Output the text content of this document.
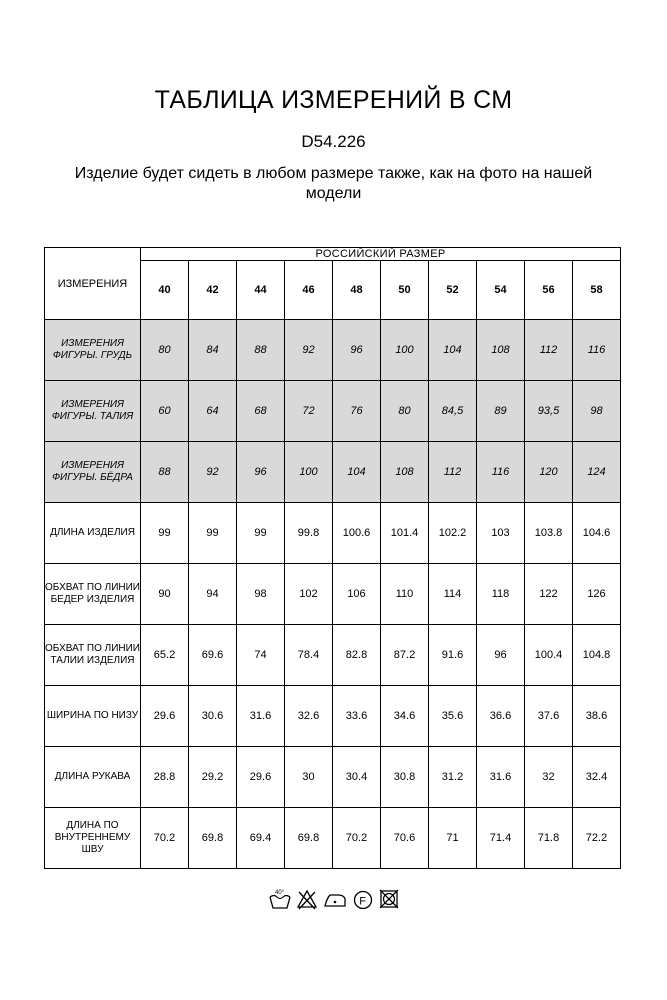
ТАБЛИЦА ИЗМЕРЕНИЙ В СМ
D54.226
Изделие будет сидеть в любом размере также, как на фото на нашей модели
ИЗМЕРЕНИЯ	РОССИЙСКИЙ РАЗМЕР									
	40	42	44	46	48	50	52	54	56	58
ИЗМЕРЕНИЯ ФИГУРЫ. ГРУДЬ	80	84	88	92	96	100	104	108	112	116
ИЗМЕРЕНИЯ ФИГУРЫ. ТАЛИЯ	60	64	68	72	76	80	84,5	89	93,5	98
ИЗМЕРЕНИЯ ФИГУРЫ. БЁДРА	88	92	96	100	104	108	112	116	120	124
ДЛИНА ИЗДЕЛИЯ	99	99	99	99.8	100.6	101.4	102.2	103	103.8	104.6
ОБХВАТ ПО ЛИНИИ БЕДЕР ИЗДЕЛИЯ	90	94	98	102	106	110	114	118	122	126
ОБХВАТ ПО ЛИНИИ ТАЛИИ ИЗДЕЛИЯ	65.2	69.6	74	78.4	82.8	87.2	91.6	96	100.4	104.8
ШИРИНА ПО НИЗУ	29.6	30.6	31.6	32.6	33.6	34.6	35.6	36.6	37.6	38.6
ДЛИНА РУКАВА	28.8	29.2	29.6	30	30.4	30.8	31.2	31.6	32	32.4
ДЛИНА ПО ВНУТРЕННЕМУ ШВУ	70.2	69.8	69.4	69.8	70.2	70.6	71	71.4	71.8	72.2
40°
F
